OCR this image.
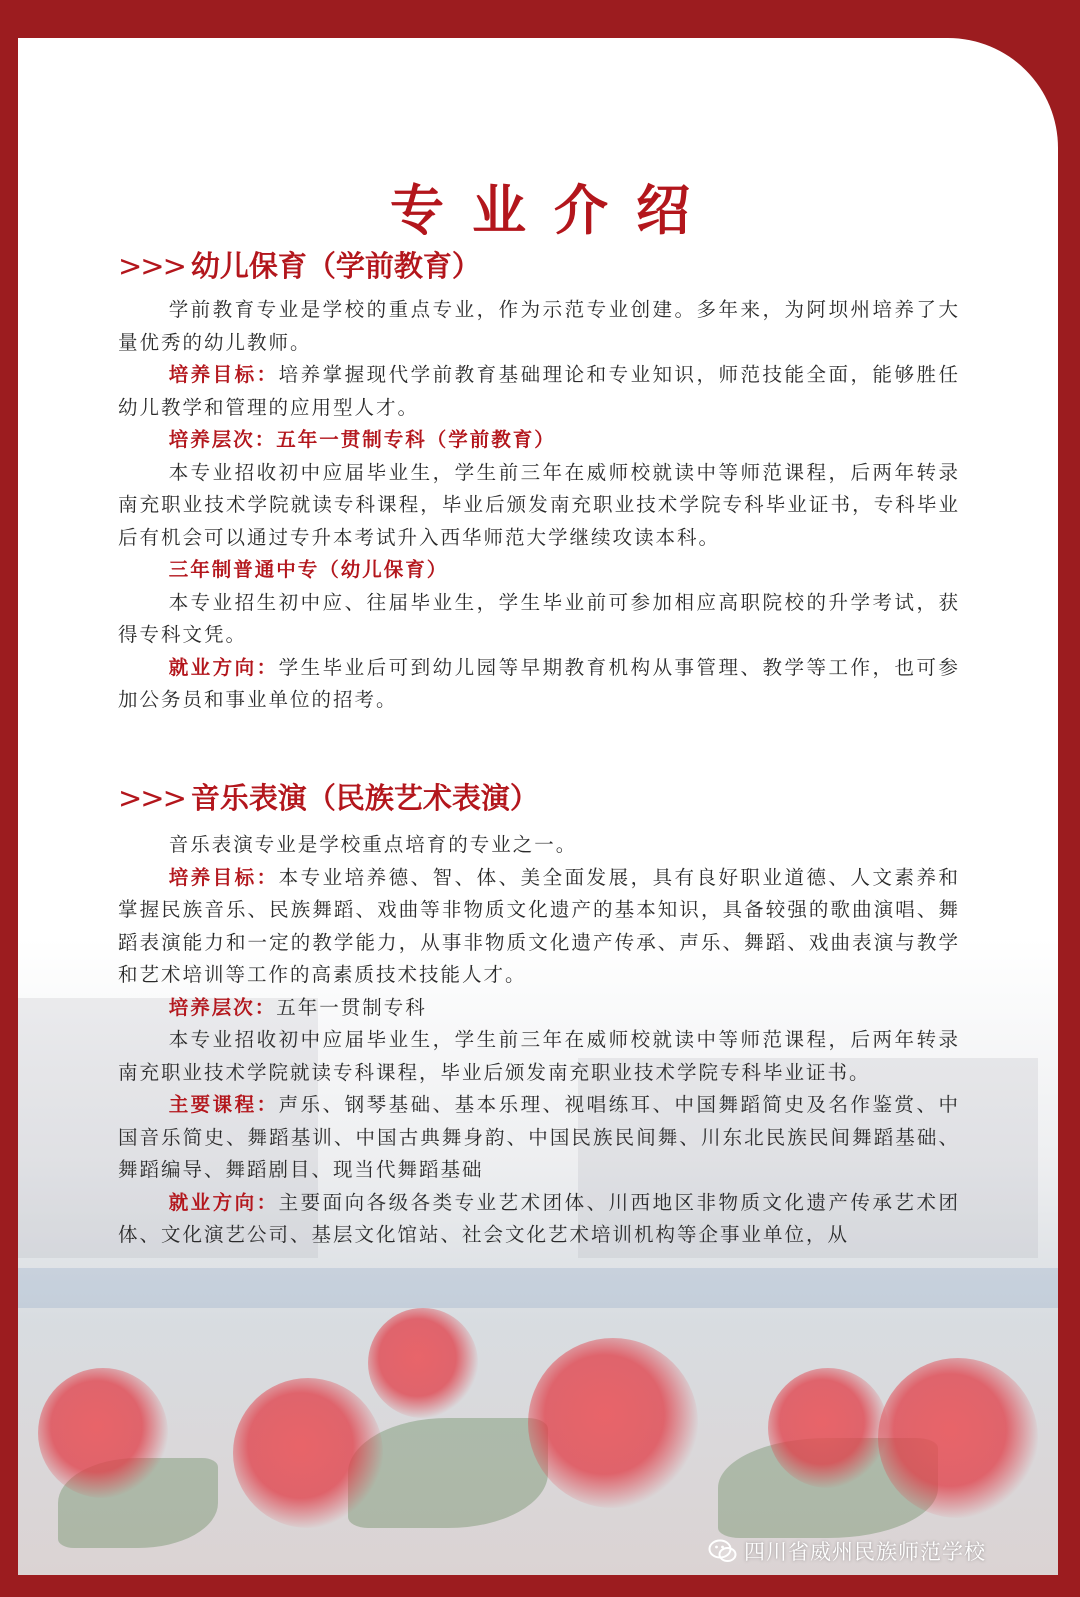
专业介绍
>>> 幼儿保育（学前教育）

学前教育专业是学校的重点专业，作为示范专业创建。多年来，为阿坝州培养了大量优秀的幼儿教师。

培养目标：培养掌握现代学前教育基础理论和专业知识，师范技能全面，能够胜任幼儿教学和管理的应用型人才。

培养层次：五年一贯制专科（学前教育）

本专业招收初中应届毕业生，学生前三年在威师校就读中等师范课程，后两年转录南充职业技术学院就读专科课程，毕业后颁发南充职业技术学院专科毕业证书，专科毕业后有机会可以通过专升本考试升入西华师范大学继续攻读本科。

三年制普通中专（幼儿保育）

本专业招生初中应、往届毕业生，学生毕业前可参加相应高职院校的升学考试，获得专科文凭。

就业方向：学生毕业后可到幼儿园等早期教育机构从事管理、教学等工作，也可参加公务员和事业单位的招考。

>>> 音乐表演（民族艺术表演）

音乐表演专业是学校重点培育的专业之一。

培养目标：本专业培养德、智、体、美全面发展，具有良好职业道德、人文素养和掌握民族音乐、民族舞蹈、戏曲等非物质文化遗产的基本知识，具备较强的歌曲演唱、舞蹈表演能力和一定的教学能力，从事非物质文化遗产传承、声乐、舞蹈、戏曲表演与教学和艺术培训等工作的高素质技术技能人才。

培养层次：五年一贯制专科

本专业招收初中应届毕业生，学生前三年在威师校就读中等师范课程，后两年转录南充职业技术学院就读专科课程，毕业后颁发南充职业技术学院专科毕业证书。

主要课程：声乐、钢琴基础、基本乐理、视唱练耳、中国舞蹈简史及名作鉴赏、中国音乐简史、舞蹈基训、中国古典舞身韵、中国民族民间舞、川东北民族民间舞蹈基础、舞蹈编导、舞蹈剧目、现当代舞蹈基础

就业方向：主要面向各级各类专业艺术团体、川西地区非物质文化遗产传承艺术团体、文化演艺公司、基层文化馆站、社会文化艺术培训机构等企事业单位，从

四川省威州民族师范学校
